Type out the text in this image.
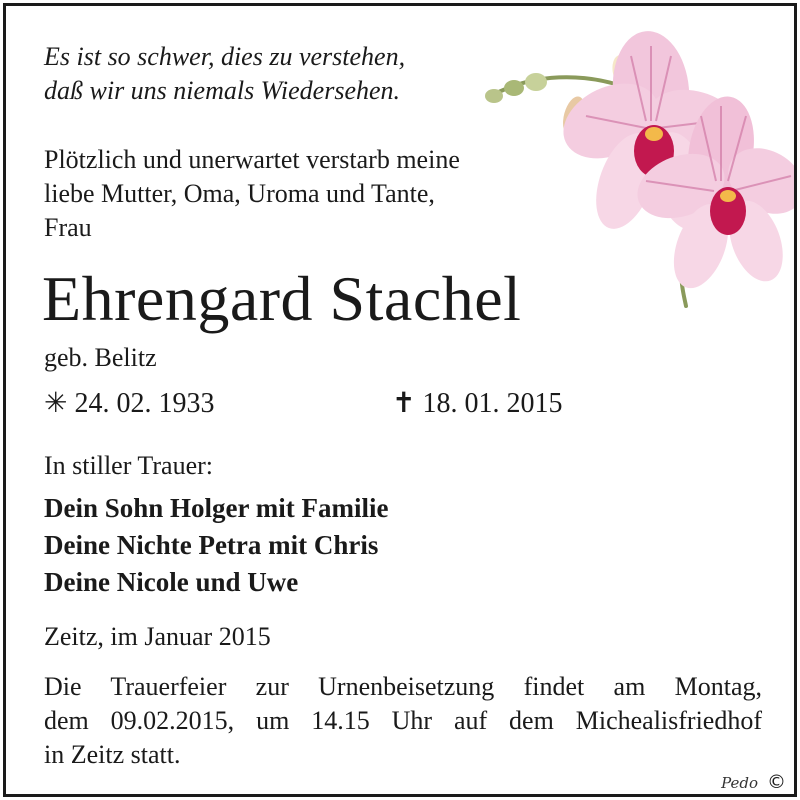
Es ist so schwer, dies zu verstehen,
daß wir uns niemals Wiedersehen.
Plötzlich und unerwartet verstarb meine
liebe Mutter, Oma, Uroma und Tante,
Frau
Ehrengard Stachel
geb. Belitz
✳ 24. 02. 1933	✝ 18. 01. 2015
In stiller Trauer:
Dein Sohn Holger mit Familie
Deine Nichte Petra mit Chris
Deine Nicole und Uwe
Zeitz, im Januar 2015
Die Trauerfeier zur Urnenbeisetzung findet am Montag,
dem 09.02.2015, um 14.15 Uhr auf dem Michealisfriedhof
in Zeitz statt.
Pedo ©
